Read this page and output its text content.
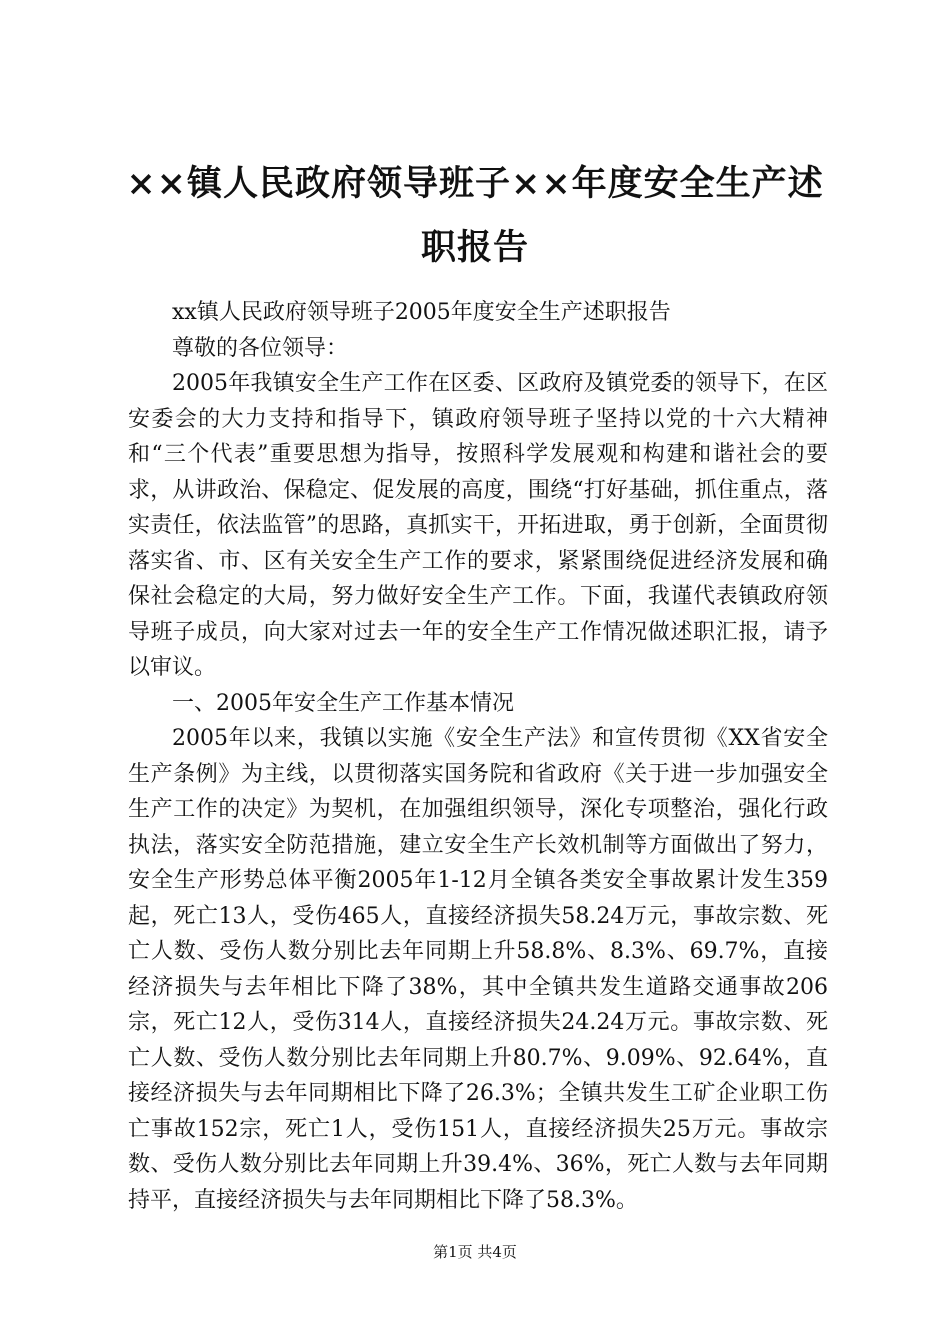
××镇人民政府领导班子××年度安全生产述职报告

xx镇人民政府领导班子2005年度安全生产述职报告

尊敬的各位领导：

2005年我镇安全生产工作在区委、区政府及镇党委的领导下，在区安委会的大力支持和指导下，镇政府领导班子坚持以党的十六大精神和“三个代表”重要思想为指导，按照科学发展观和构建和谐社会的要求，从讲政治、保稳定、促发展的高度，围绕“打好基础，抓住重点，落实责任，依法监管”的思路，真抓实干，开拓进取，勇于创新，全面贯彻落实省、市、区有关安全生产工作的要求，紧紧围绕促进经济发展和确保社会稳定的大局，努力做好安全生产工作。下面，我谨代表镇政府领导班子成员，向大家对过去一年的安全生产工作情况做述职汇报，请予以审议。

一、2005年安全生产工作基本情况

2005年以来，我镇以实施《安全生产法》和宣传贯彻《XX省安全生产条例》为主线，以贯彻落实国务院和省政府《关于进一步加强安全生产工作的决定》为契机，在加强组织领导，深化专项整治，强化行政执法，落实安全防范措施，建立安全生产长效机制等方面做出了努力，安全生产形势总体平衡2005年1-12月全镇各类安全事故累计发生359起，死亡13人，受伤465人，直接经济损失58.24万元，事故宗数、死亡人数、受伤人数分别比去年同期上升58.8%、8.3%、69.7%，直接经济损失与去年相比下降了38%，其中全镇共发生道路交通事故206宗，死亡12人，受伤314人，直接经济损失24.24万元。事故宗数、死亡人数、受伤人数分别比去年同期上升80.7%、9.09%、92.64%，直接经济损失与去年同期相比下降了26.3%；全镇共发生工矿企业职工伤亡事故152宗，死亡1人，受伤151人，直接经济损失25万元。事故宗数、受伤人数分别比去年同期上升39.4%、36%，死亡人数与去年同期持平，直接经济损失与去年同期相比下降了58.3%。

第1页 共4页
